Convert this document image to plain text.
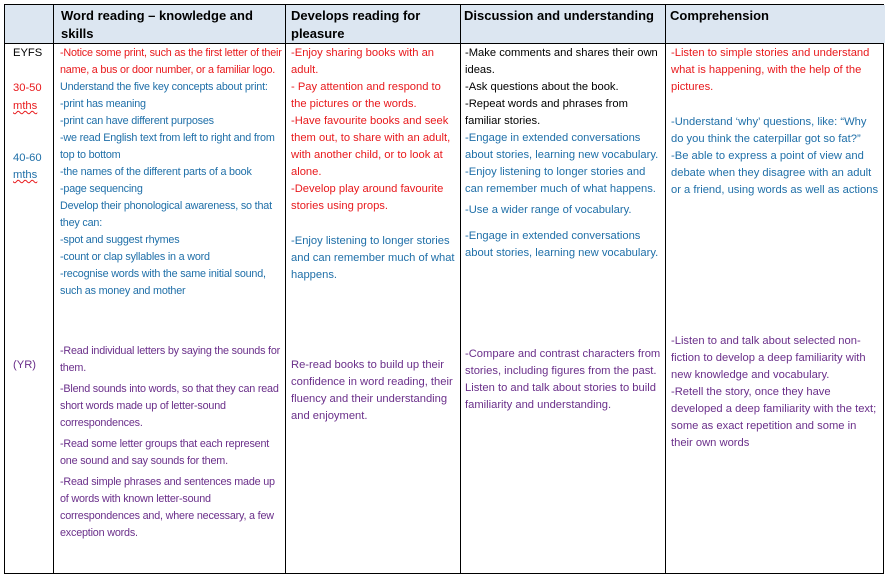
Word reading – knowledge and skills
Develops reading for pleasure
Discussion and understanding	Comprehension
EYFS
30-50
mths
40-60
mths
(YR)
-Notice some print, such as the first letter of their name, a bus or door number, or a familiar logo.
Understand the five key concepts about print:
-print has meaning
-print can have different purposes
-we read English text from left to right and from top to bottom
-the names of the different parts of a book
-page sequencing
Develop their phonological awareness, so that they can:
-spot and suggest rhymes
-count or clap syllables in a word
-recognise words with the same initial sound, such as money and mother
-Read individual letters by saying the sounds for them.
-Blend sounds into words, so that they can read short words made up of letter-sound correspondences.
-Read some letter groups that each represent one sound and say sounds for them.
-Read simple phrases and sentences made up of words with known letter-sound correspondences and, where necessary, a few exception words.
-Enjoy sharing books with an adult.
- Pay attention and respond to the pictures or the words.
-Have favourite books and seek them out, to share with an adult, with another child, or to look at alone.
-Develop play around favourite stories using props.
-Enjoy listening to longer stories and can remember much of what happens.
Re-read books to build up their confidence in word reading, their fluency and their understanding and enjoyment.
-Make comments and shares their own ideas.
-Ask questions about the book.
-Repeat words and phrases from familiar stories.
-Engage in extended conversations about stories, learning new vocabulary.
-Enjoy listening to longer stories and can remember much of what happens.
-Use a wider range of vocabulary.
-Engage in extended conversations about stories, learning new vocabulary.
-Compare and contrast characters from stories, including figures from the past.
Listen to and talk about stories to build familiarity and understanding.
-Listen to simple stories and understand what is happening, with the help of the pictures.
-Understand ‘why’ questions, like: “Why do you think the caterpillar got so fat?”
-Be able to express a point of view and debate when they disagree with an adult or a friend, using words as well as actions
-Listen to and talk about selected non-fiction to develop a deep familiarity with new knowledge and vocabulary.
-Retell the story, once they have developed a deep familiarity with the text; some as exact repetition and some in their own words
